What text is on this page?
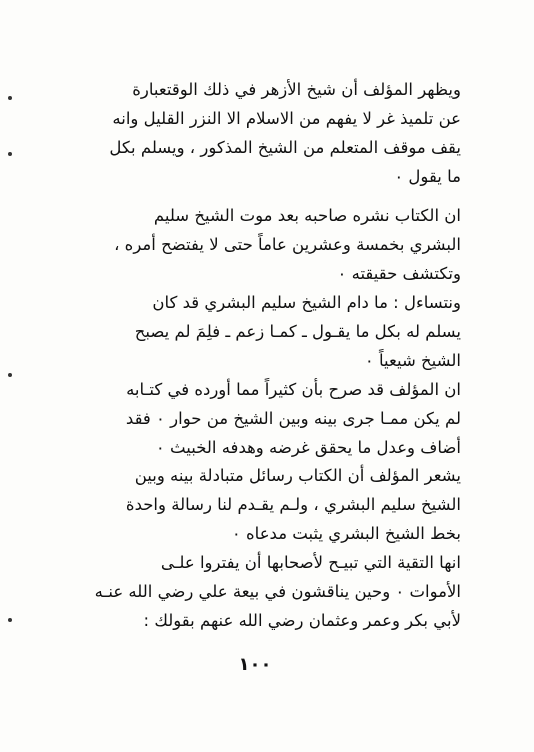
ويظهر المؤلف أن شيخ الأزهر في ذلك الوقتعبارة
عن تلميذ غر لا يفهم من الاسلام الا النزر القليل وانه
يقف موقف المتعلم من الشيخ المذكور ، ويسلم بكل
ما يقول ٠
ان الكتاب نشره صاحبه بعد موت الشيخ سليم
البشري بخمسة وعشرين عاماً حتى لا يفتضح أمره ،
وتكتشف حقيقته ٠
ونتساءل : ما دام الشيخ سليم البشري قد كان
يسلم له بكل ما يقـول ـ كمـا زعم ـ فلِمَ لم يصبح
الشيخ شيعياً ٠
ان المؤلف قد صرح بأن كثيراً مما أورده في كتـابه
لم يكن ممـا جرى بينه وبين الشيخ من حوار ٠ فقد
أضاف وعدل ما يحقق غرضه وهدفه الخبيث ٠
يشعر المؤلف أن الكتاب رسائل متبادلة بينه وبين
الشيخ سليم البشري ، ولـم يقـدم لنا رسالة واحدة
بخط الشيخ البشري يثبت مدعاه ٠
انها التقية التي تبيـح لأصحابها أن يفتروا علـى
الأموات ٠ وحين يناقشون في بيعة علي رضي الله عنـه
لأبي بكر وعمر وعثمان رضي الله عنهم بقولك :
١٠٠
